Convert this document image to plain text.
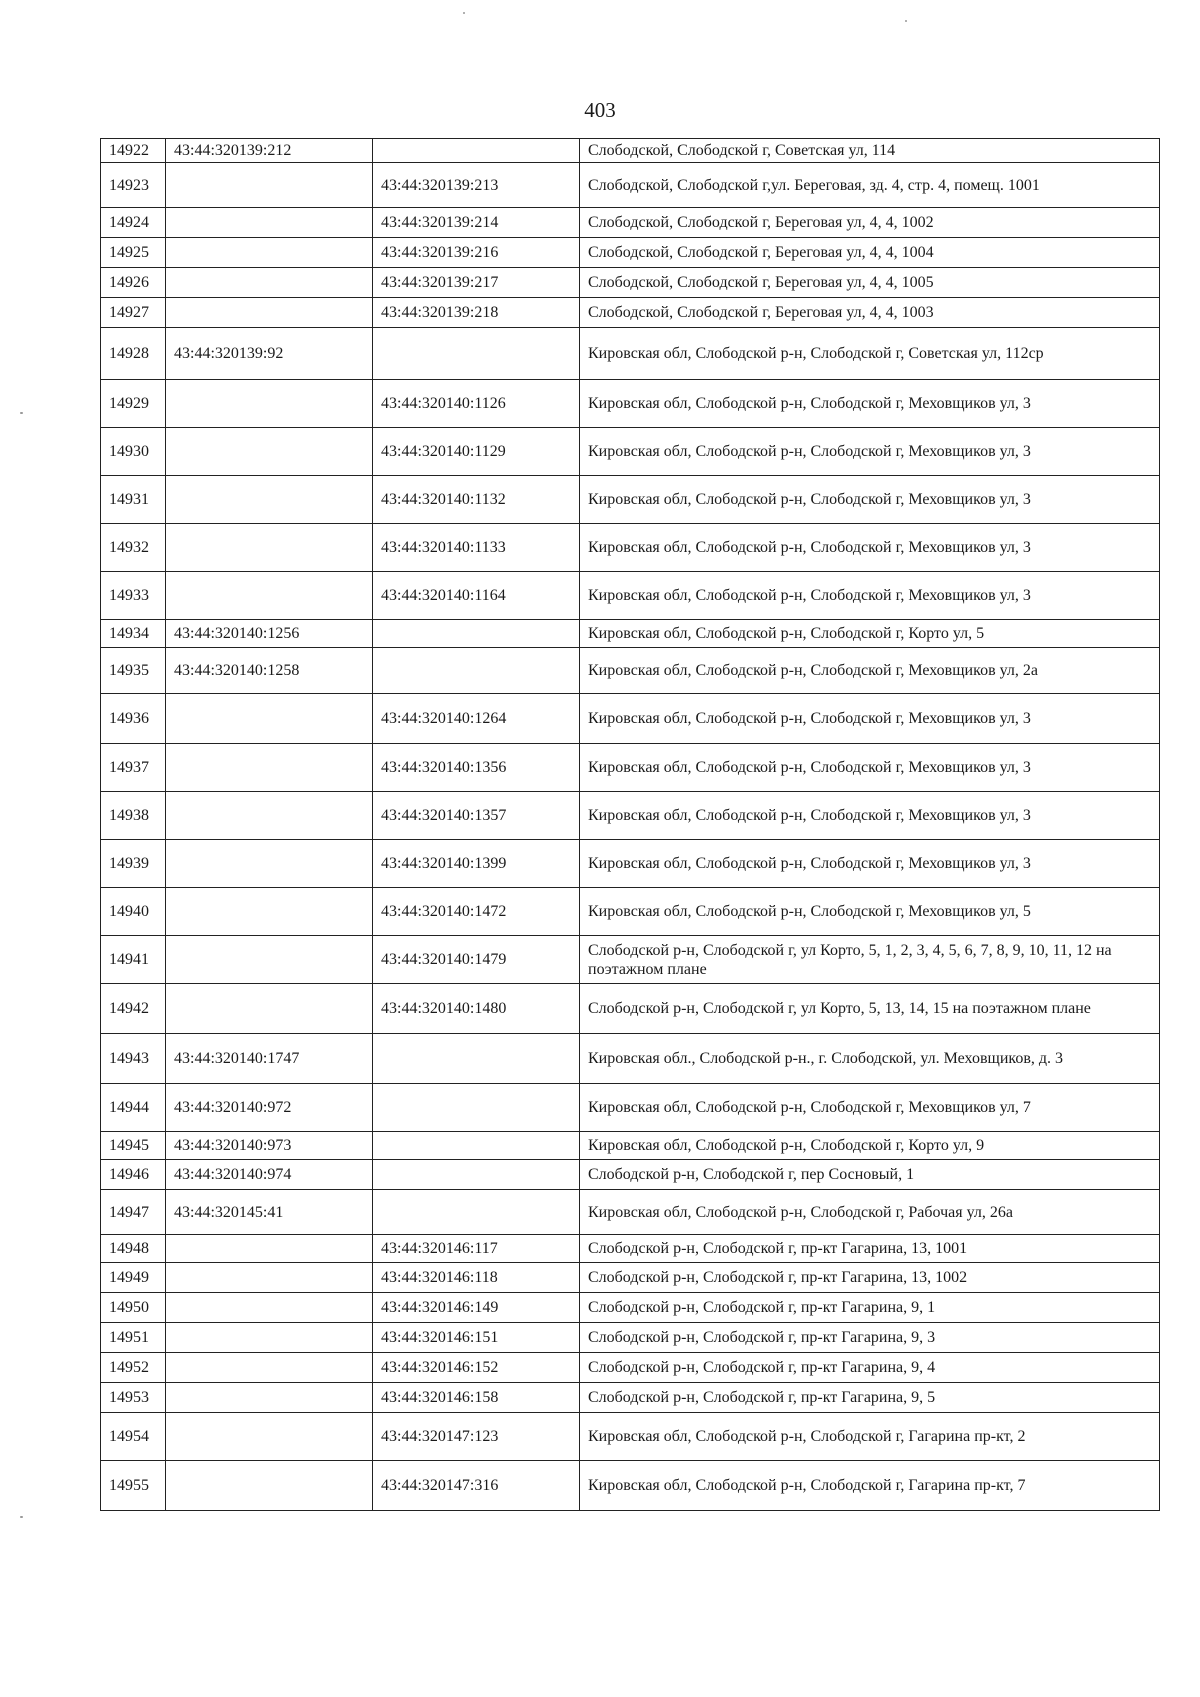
403
14922	43:44:320139:212		Слободской, Слободской г, Советская ул, 114

14923		43:44:320139:213	Слободской, Слободской г,ул. Береговая, зд. 4, стр. 4, помещ. 1001

14924		43:44:320139:214	Слободской, Слободской г, Береговая ул, 4, 4, 1002

14925		43:44:320139:216	Слободской, Слободской г, Береговая ул, 4, 4, 1004

14926		43:44:320139:217	Слободской, Слободской г, Береговая ул, 4, 4, 1005

14927		43:44:320139:218	Слободской, Слободской г, Береговая ул, 4, 4, 1003

14928	43:44:320139:92		Кировская обл, Слободской р-н, Слободской г, Советская ул, 112ср

14929		43:44:320140:1126	Кировская обл, Слободской р-н, Слободской г, Меховщиков ул, 3

14930		43:44:320140:1129	Кировская обл, Слободской р-н, Слободской г, Меховщиков ул, 3

14931		43:44:320140:1132	Кировская обл, Слободской р-н, Слободской г, Меховщиков ул, 3

14932		43:44:320140:1133	Кировская обл, Слободской р-н, Слободской г, Меховщиков ул, 3

14933		43:44:320140:1164	Кировская обл, Слободской р-н, Слободской г, Меховщиков ул, 3

14934	43:44:320140:1256		Кировская обл, Слободской р-н, Слободской г, Корто ул, 5

14935	43:44:320140:1258		Кировская обл, Слободской р-н, Слободской г, Меховщиков ул, 2а

14936		43:44:320140:1264	Кировская обл, Слободской р-н, Слободской г, Меховщиков ул, 3

14937		43:44:320140:1356	Кировская обл, Слободской р-н, Слободской г, Меховщиков ул, 3

14938		43:44:320140:1357	Кировская обл, Слободской р-н, Слободской г, Меховщиков ул, 3

14939		43:44:320140:1399	Кировская обл, Слободской р-н, Слободской г, Меховщиков ул, 3

14940		43:44:320140:1472	Кировская обл, Слободской р-н, Слободской г, Меховщиков ул, 5

14941		43:44:320140:1479	Слободской р-н, Слободской г, ул Корто, 5, 1, 2, 3, 4, 5, 6, 7, 8, 9, 10, 11, 12 на поэтажном плане

14942		43:44:320140:1480	Слободской р-н, Слободской г, ул Корто, 5, 13, 14, 15 на поэтажном плане

14943	43:44:320140:1747		Кировская обл., Слободской р-н., г. Слободской, ул. Меховщиков, д. 3

14944	43:44:320140:972		Кировская обл, Слободской р-н, Слободской г, Меховщиков ул, 7

14945	43:44:320140:973		Кировская обл, Слободской р-н, Слободской г, Корто ул, 9

14946	43:44:320140:974		Слободской р-н, Слободской г, пер Сосновый, 1

14947	43:44:320145:41		Кировская обл, Слободской р-н, Слободской г, Рабочая ул, 26а

14948		43:44:320146:117	Слободской р-н, Слободской г, пр-кт Гагарина, 13, 1001

14949		43:44:320146:118	Слободской р-н, Слободской г, пр-кт Гагарина, 13, 1002

14950		43:44:320146:149	Слободской р-н, Слободской г, пр-кт Гагарина, 9, 1

14951		43:44:320146:151	Слободской р-н, Слободской г, пр-кт Гагарина, 9, 3

14952		43:44:320146:152	Слободской р-н, Слободской г, пр-кт Гагарина, 9, 4

14953		43:44:320146:158	Слободской р-н, Слободской г, пр-кт Гагарина, 9, 5

14954		43:44:320147:123	Кировская обл, Слободской р-н, Слободской г, Гагарина пр-кт, 2

14955		43:44:320147:316	Кировская обл, Слободской р-н, Слободской г, Гагарина пр-кт, 7
